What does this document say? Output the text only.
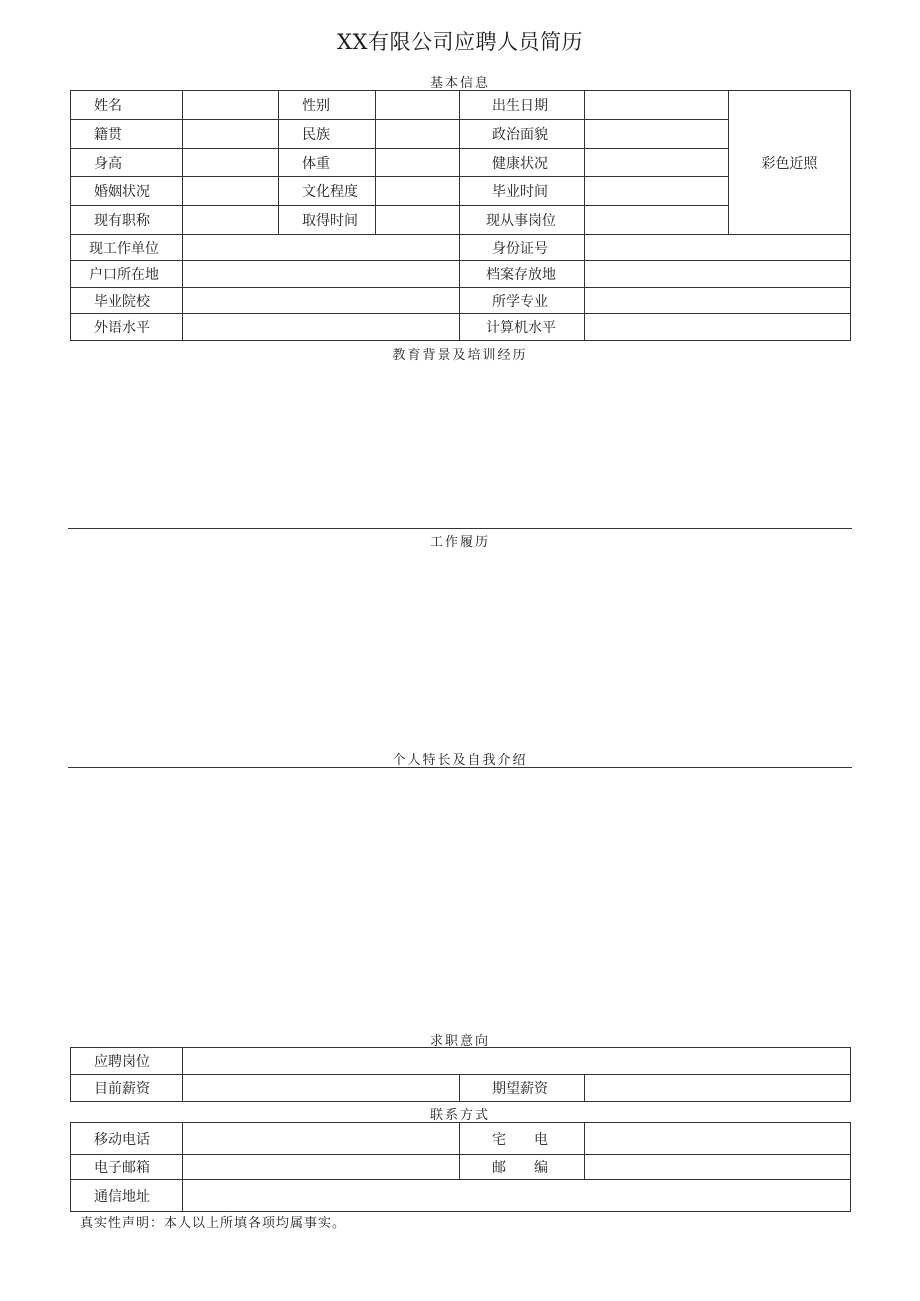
XX有限公司应聘人员简历
基本信息
姓名		性别		出生日期		彩色近照
籍贯		民族		政治面貌		
身高		体重		健康状况		
婚姻状况		文化程度		毕业时间		
现有职称		取得时间		现从事岗位		
现工作单位				身份证号		
户口所在地				档案存放地		
毕业院校				所学专业		
外语水平				计算机水平		
教育背景及培训经历
工作履历
个人特长及自我介绍
求职意向
应聘岗位			
目前薪资		期望薪资	
联系方式
移动电话		宅　　电	
电子邮箱		邮　　编	
通信地址			
真实性声明：本人以上所填各项均属事实。
